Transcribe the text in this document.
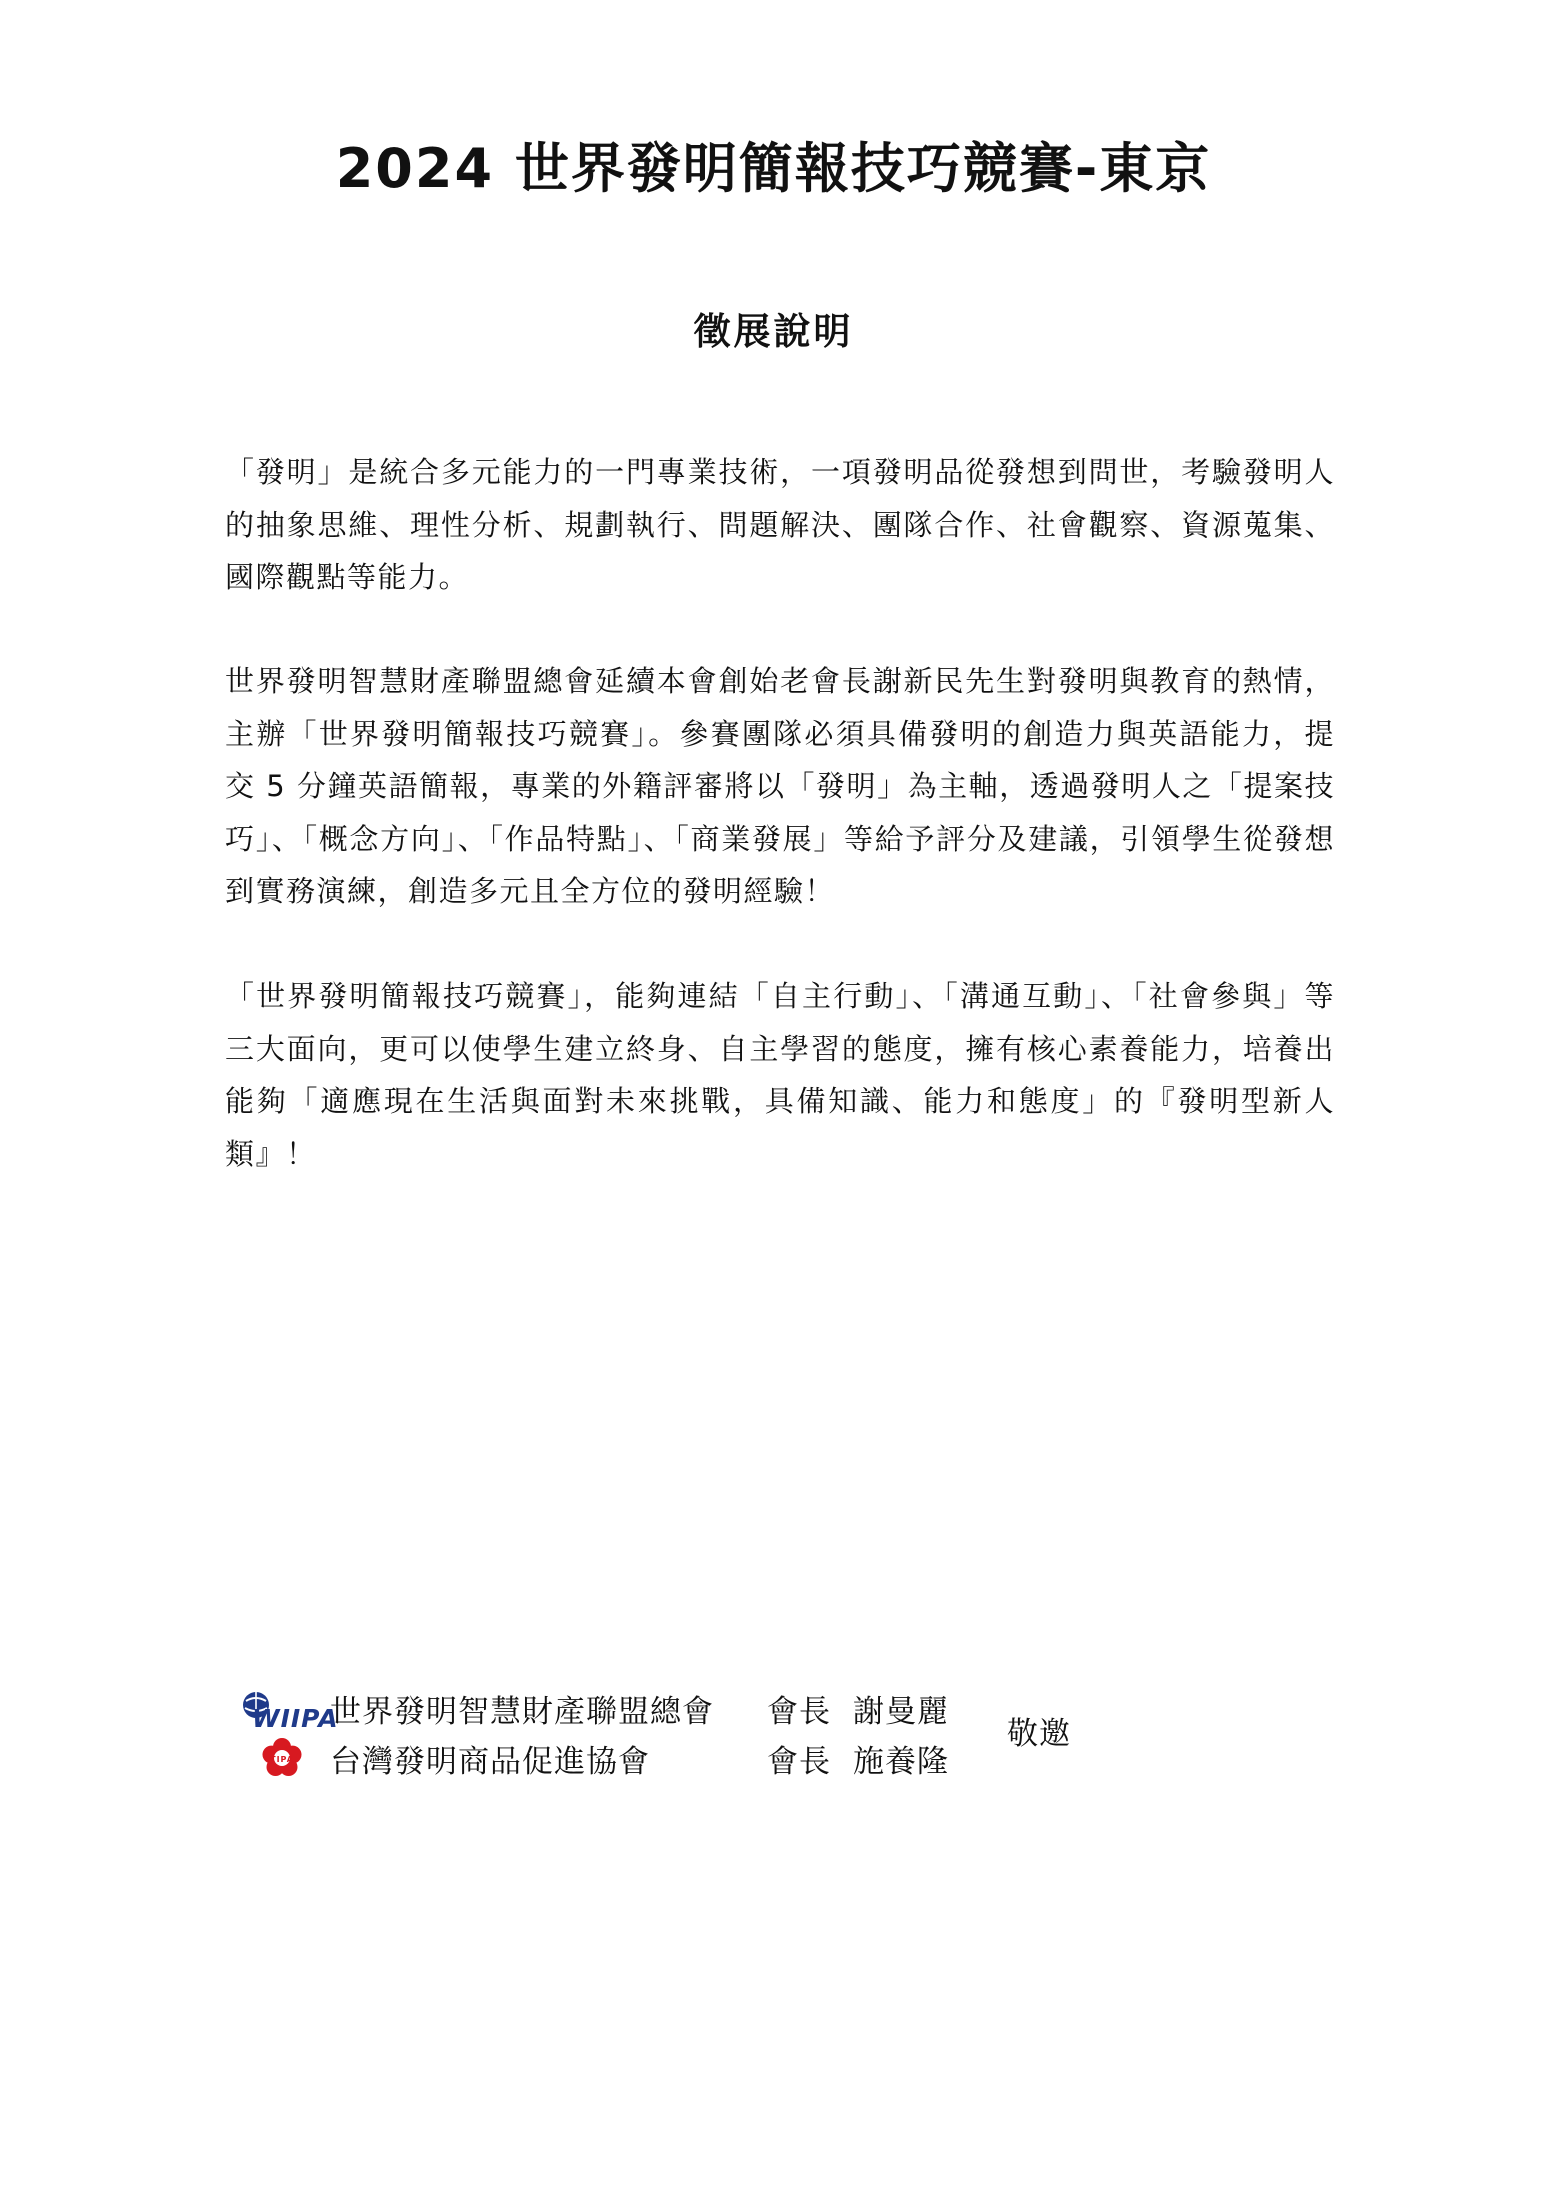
2024 世界發明簡報技巧競賽-東京
徵展說明

「發明」是統合多元能力的一門專業技術，一項發明品從發想到問世，考驗發明人的抽象思維、理性分析、規劃執行、問題解決、團隊合作、社會觀察、資源蒐集、國際觀點等能力。

世界發明智慧財產聯盟總會延續本會創始老會長謝新民先生對發明與教育的熱情，主辦「世界發明簡報技巧競賽」。參賽團隊必須具備發明的創造力與英語能力，提交 5 分鐘英語簡報，專業的外籍評審將以「發明」為主軸，透過發明人之「提案技巧」、「概念方向」、「作品特點」、「商業發展」等給予評分及建議，引領學生從發想到實務演練，創造多元且全方位的發明經驗！

「世界發明簡報技巧競賽」，能夠連結「自主行動」、「溝通互動」、「社會參與」等三大面向，更可以使學生建立終身、自主學習的態度，擁有核心素養能力，培養出能夠「適應現在生活與面對未來挑戰，具備知識、能力和態度」的『發明型新人類』！

WIIPA
世界發明智慧財產聯盟總會	會長 謝曼麗
TIPA 台灣發明商品促進協會	會長 施養隆
敬邀
